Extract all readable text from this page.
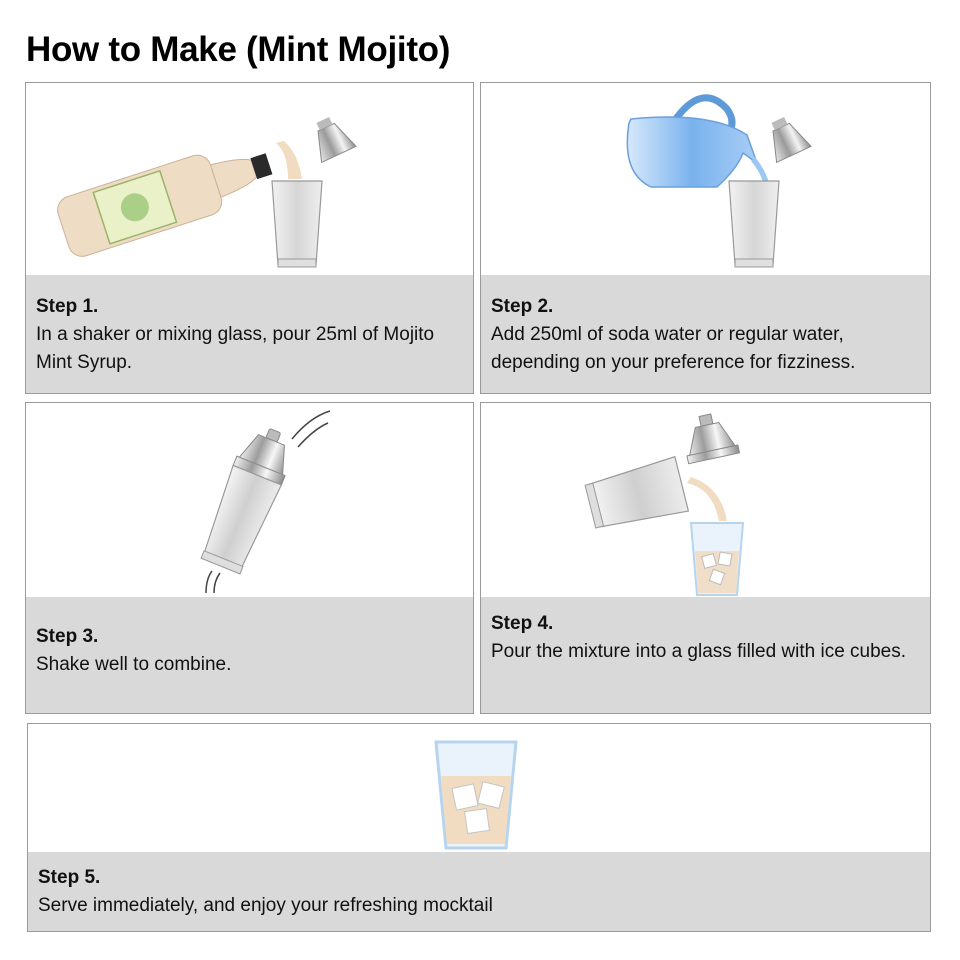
How to Make (Mint Mojito)
Step 1.
In a shaker or mixing glass, pour 25ml of Mojito Mint Syrup.
Step 2.
Add 250ml of soda water or regular water, depending on your preference for fizziness.
Step 3.
Shake well to combine.
Step 4.
Pour the mixture into a glass filled with ice cubes.
Step 5.
Serve immediately, and enjoy your refreshing mocktail
